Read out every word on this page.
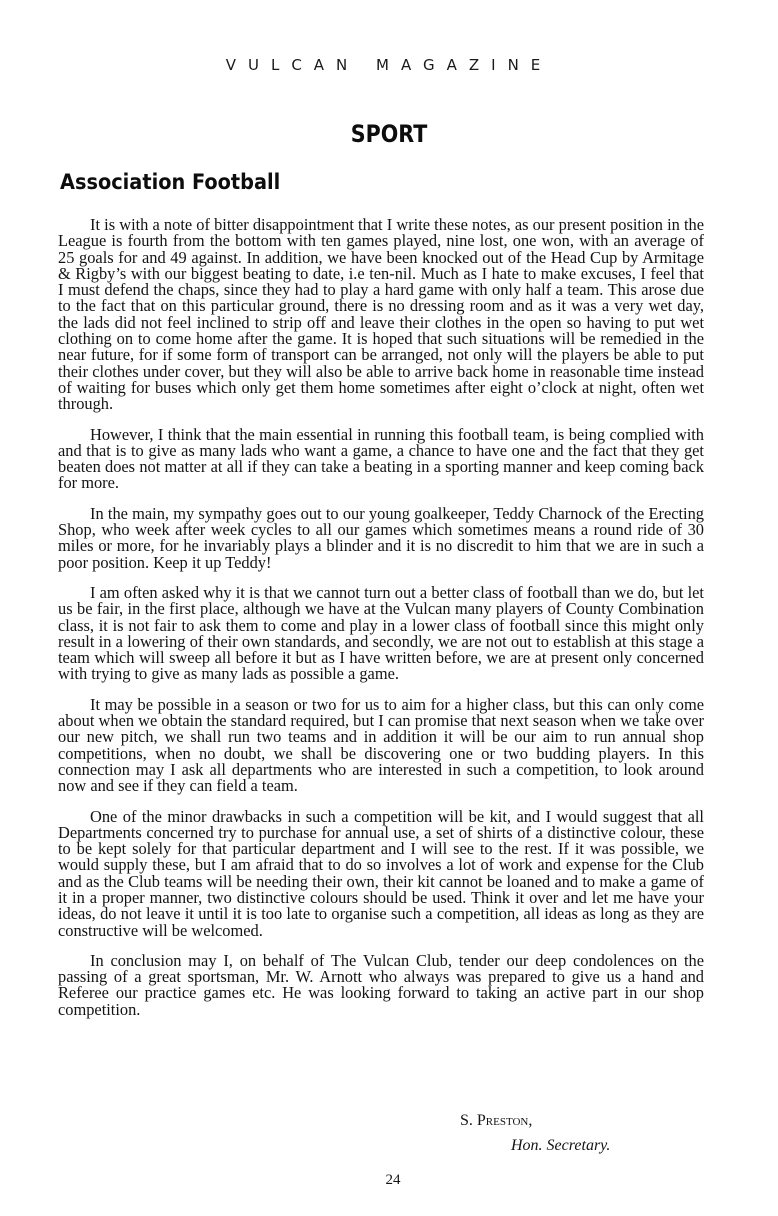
VULCAN MAGAZINE
SPORT
Association Football

It is with a note of bitter disappointment that I write these notes, as our present position in the League is fourth from the bottom with ten games played, nine lost, one won, with an average of 25 goals for and 49 against. In addition, we have been knocked out of the Head Cup by Armitage & Rigby’s with our biggest beating to date, i.e ten-nil. Much as I hate to make excuses, I feel that I must defend the chaps, since they had to play a hard game with only half a team. This arose due to the fact that on this particular ground, there is no dressing room and as it was a very wet day, the lads did not feel inclined to strip off and leave their clothes in the open so having to put wet clothing on to come home after the game. It is hoped that such situations will be remedied in the near future, for if some form of transport can be arranged, not only will the players be able to put their clothes under cover, but they will also be able to arrive back home in reasonable time instead of waiting for buses which only get them home sometimes after eight o’clock at night, often wet through.

However, I think that the main essential in running this football team, is being complied with and that is to give as many lads who want a game, a chance to have one and the fact that they get beaten does not matter at all if they can take a beating in a sporting manner and keep coming back for more.

In the main, my sympathy goes out to our young goalkeeper, Teddy Charnock of the Erecting Shop, who week after week cycles to all our games which sometimes means a round ride of 30 miles or more, for he invariably plays a blinder and it is no discredit to him that we are in such a poor position. Keep it up Teddy!

I am often asked why it is that we cannot turn out a better class of football than we do, but let us be fair, in the first place, although we have at the Vulcan many players of County Combination class, it is not fair to ask them to come and play in a lower class of football since this might only result in a lowering of their own standards, and secondly, we are not out to establish at this stage a team which will sweep all before it but as I have written before, we are at present only concerned with trying to give as many lads as possible a game.

It may be possible in a season or two for us to aim for a higher class, but this can only come about when we obtain the standard required, but I can promise that next season when we take over our new pitch, we shall run two teams and in addition it will be our aim to run annual shop competitions, when no doubt, we shall be discovering one or two budding players. In this connection may I ask all departments who are interested in such a competition, to look around now and see if they can field a team.

One of the minor drawbacks in such a competition will be kit, and I would suggest that all Departments concerned try to purchase for annual use, a set of shirts of a distinctive colour, these to be kept solely for that particular department and I will see to the rest. If it was possible, we would supply these, but I am afraid that to do so involves a lot of work and expense for the Club and as the Club teams will be needing their own, their kit cannot be loaned and to make a game of it in a proper manner, two distinctive colours should be used. Think it over and let me have your ideas, do not leave it until it is too late to organise such a competition, all ideas as long as they are constructive will be welcomed.

In conclusion may I, on behalf of The Vulcan Club, tender our deep condolences on the passing of a great sportsman, Mr. W. Arnott who always was prepared to give us a hand and Referee our practice games etc. He was looking forward to taking an active part in our shop competition.

S. Preston,
Hon. Secretary.
24
